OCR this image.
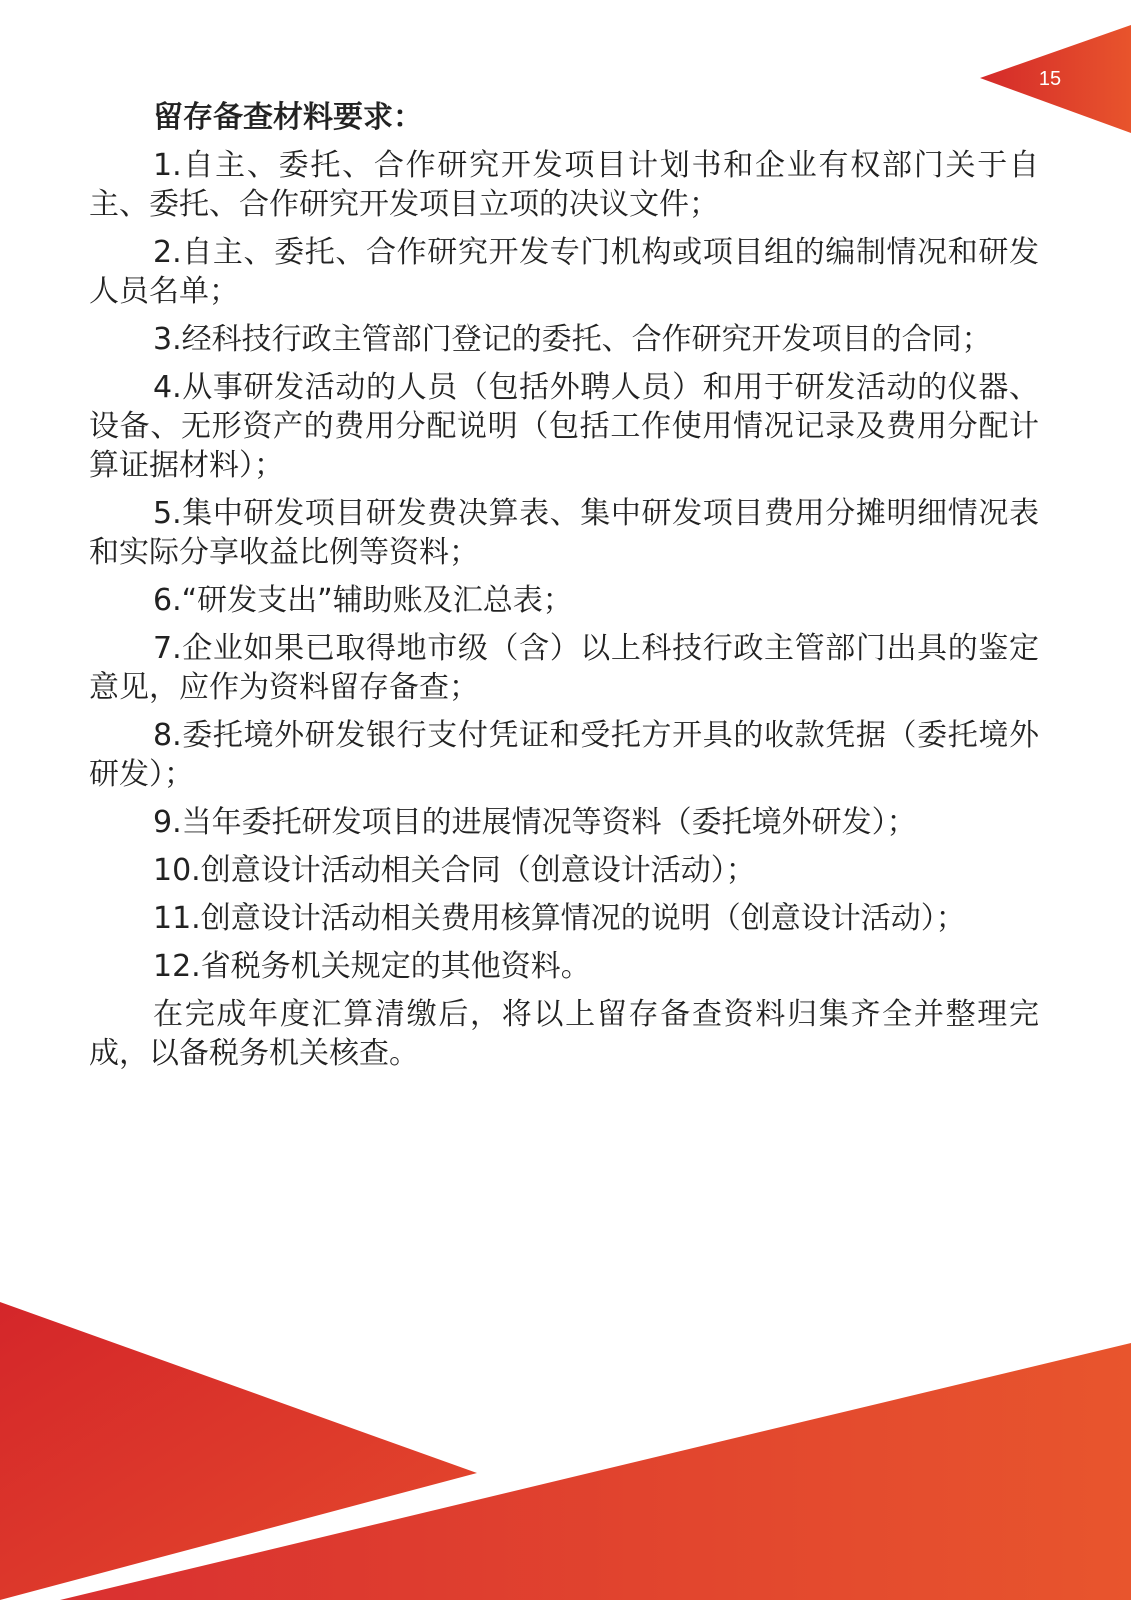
15

留存备查材料要求：

1.自主、委托、合作研究开发项目计划书和企业有权部门关于自主、委托、合作研究开发项目立项的决议文件；

2.自主、委托、合作研究开发专门机构或项目组的编制情况和研发人员名单；

3.经科技行政主管部门登记的委托、合作研究开发项目的合同；

4.从事研发活动的人员（包括外聘人员）和用于研发活动的仪器、设备、无形资产的费用分配说明（包括工作使用情况记录及费用分配计算证据材料）；

5.集中研发项目研发费决算表、集中研发项目费用分摊明细情况表和实际分享收益比例等资料；

6.“研发支出”辅助账及汇总表；

7.企业如果已取得地市级（含）以上科技行政主管部门出具的鉴定意见，应作为资料留存备查；

8.委托境外研发银行支付凭证和受托方开具的收款凭据（委托境外研发）；

9.当年委托研发项目的进展情况等资料（委托境外研发）；

10.创意设计活动相关合同（创意设计活动）；

11.创意设计活动相关费用核算情况的说明（创意设计活动）；

12.省税务机关规定的其他资料。

在完成年度汇算清缴后，将以上留存备查资料归集齐全并整理完成，以备税务机关核查。
